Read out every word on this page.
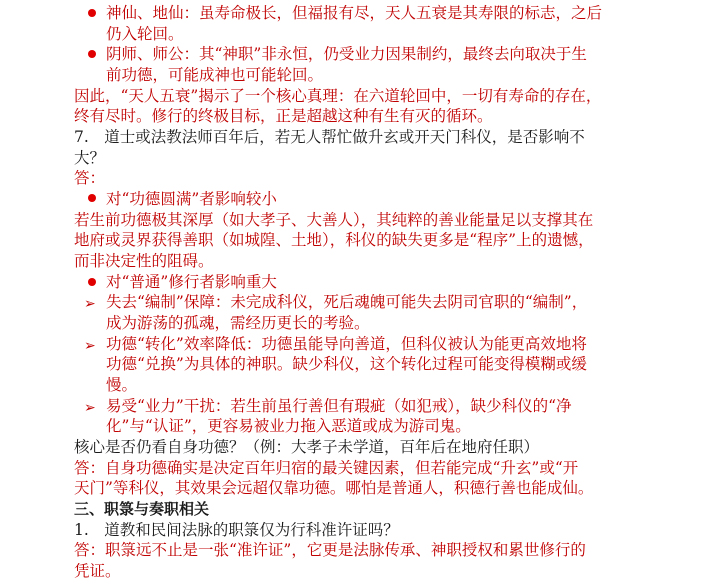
➢
➢
➢
神仙、地仙：虽寿命极长，但福报有尽，天人五衰是其寿限的标志，之后
仍入轮回。
阴师、师公：其“神职”非永恒，仍受业力因果制约，最终去向取决于生
前功德，可能成神也可能轮回。
因此，“天人五衰”揭示了一个核心真理：在六道轮回中，一切有寿命的存在，
终有尽时。修行的终极目标，正是超越这种有生有灭的循环。
7.　道士或法教法师百年后，若无人帮忙做升玄或开天门科仪，是否影响不
大？
答：
对“功德圆满”者影响较小
若生前功德极其深厚（如大孝子、大善人），其纯粹的善业能量足以支撑其在
地府或灵界获得善职（如城隍、土地），科仪的缺失更多是“程序”上的遗憾，
而非决定性的阻碍。
对“普通”修行者影响重大
失去“编制”保障：未完成科仪，死后魂魄可能失去阴司官职的“编制”，
成为游荡的孤魂，需经历更长的考验。
功德“转化”效率降低：功德虽能导向善道，但科仪被认为能更高效地将
功德“兑换”为具体的神职。缺少科仪，这个转化过程可能变得模糊或缓
慢。
易受“业力”干扰：若生前虽行善但有瑕疵（如犯戒），缺少科仪的“净
化”与“认证”，更容易被业力拖入恶道或成为游司鬼。
核心是否仍看自身功德？（例：大孝子未学道，百年后在地府任职）
答：自身功德确实是决定百年归宿的最关键因素，但若能完成“升玄”或“开
天门”等科仪，其效果会远超仅靠功德。哪怕是普通人，积德行善也能成仙。
三、职箓与奏职相关
1.　道教和民间法脉的职箓仅为行科准许证吗？
答：职箓远不止是一张“准许证”，它更是法脉传承、神职授权和累世修行的
凭证。
